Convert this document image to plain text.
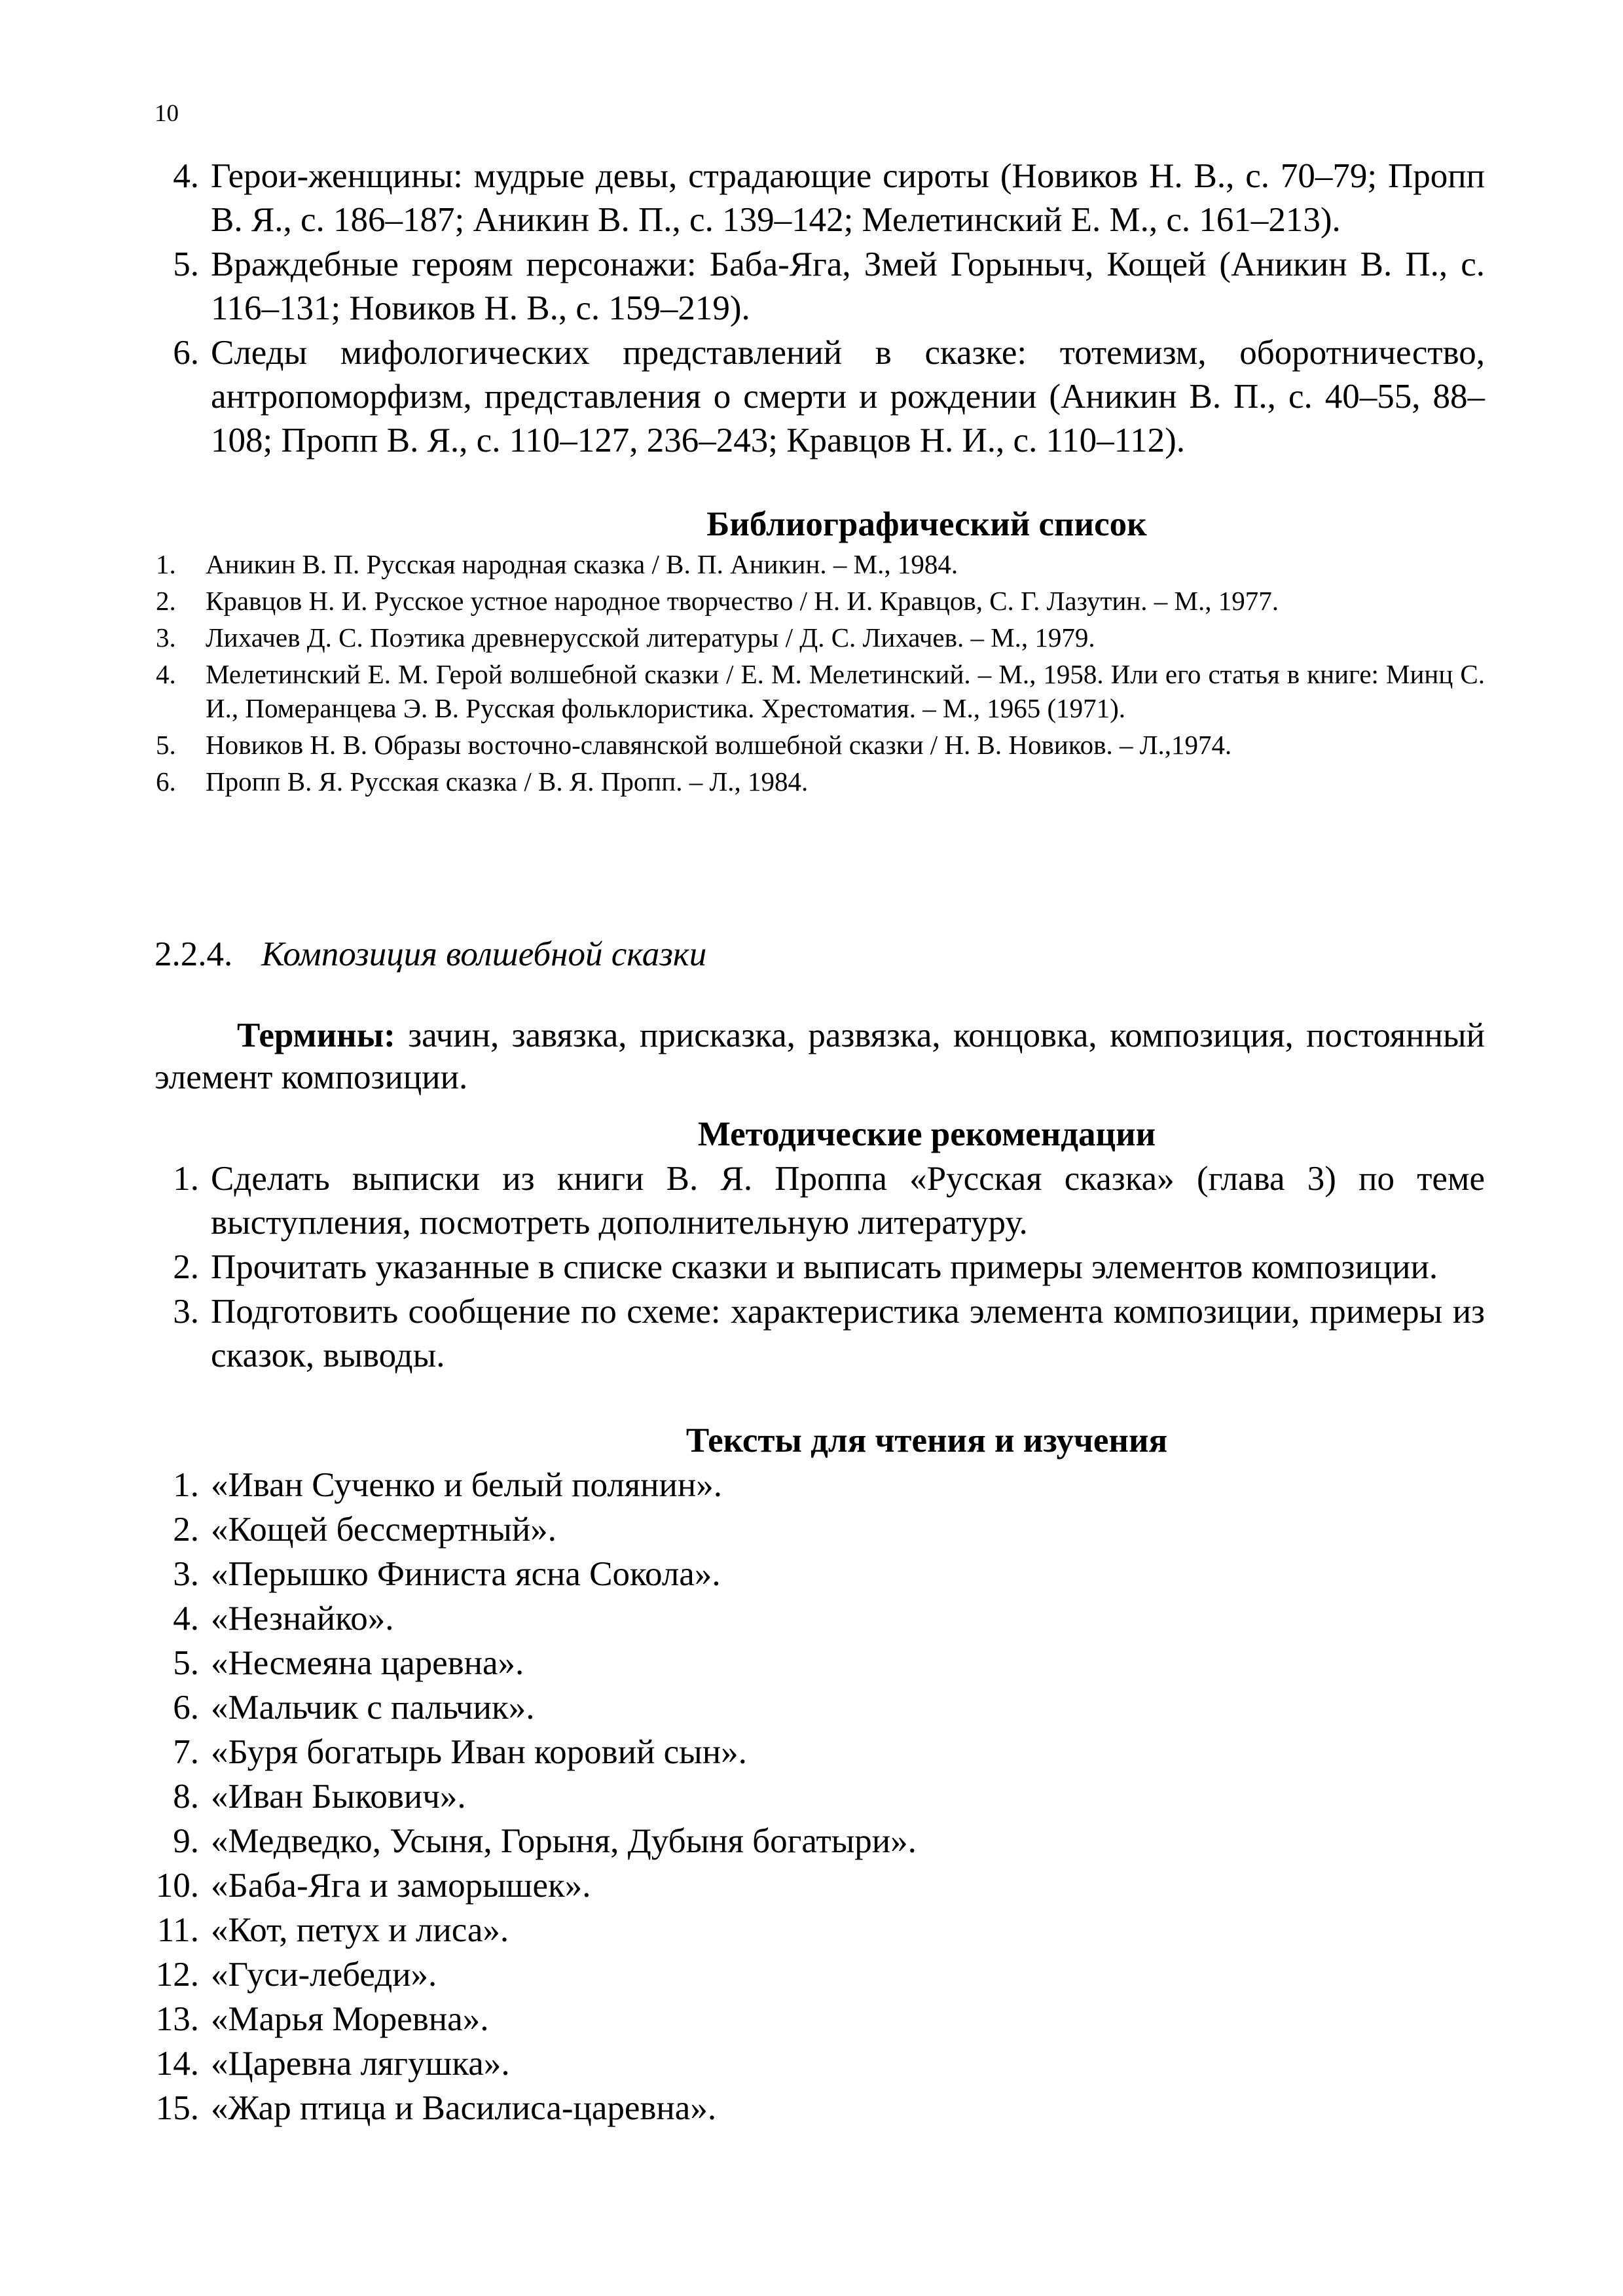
10
4. Герои-женщины: мудрые девы, страдающие сироты (Новиков Н. В., с. 70–79; Пропп В. Я., с. 186–187; Аникин В. П., с. 139–142; Мелетинский Е. М., с. 161–213).
5. Враждебные героям персонажи: Баба-Яга, Змей Горыныч, Кощей (Аникин В. П., с. 116–131; Новиков Н. В., с. 159–219).
6. Следы мифологических представлений в сказке: тотемизм, оборотничество, антропоморфизм, представления о смерти и рождении (Аникин В. П., с. 40–55, 88–108; Пропп В. Я., с. 110–127, 236–243; Кравцов Н. И., с. 110–112).
Библиографический список
1.	Аникин В. П. Русская народная сказка / В. П. Аникин. – М., 1984.
2.	Кравцов Н. И. Русское устное народное творчество / Н. И. Кравцов, С. Г. Лазутин. – М., 1977.
3.	Лихачев Д. С. Поэтика древнерусской литературы / Д. С. Лихачев. – М., 1979.
4.	Мелетинский Е. М. Герой волшебной сказки / Е. М. Мелетинский. – М., 1958. Или его статья в книге: Минц С. И., Померанцева Э. В. Русская фольклористика. Хрестоматия. – М., 1965 (1971).
5.	Новиков Н. В. Образы восточно-славянской волшебной сказки / Н. В. Новиков. – Л.,1974.
6.	Пропп В. Я. Русская сказка / В. Я. Пропп. – Л., 1984.
2.2.4. Композиция волшебной сказки
Термины: зачин, завязка, присказка, развязка, концовка, композиция, постоянный элемент композиции.
Методические рекомендации
1. Сделать выписки из книги В. Я. Проппа «Русская сказка» (глава 3) по теме выступления, посмотреть дополнительную литературу.
2. Прочитать указанные в списке сказки и выписать примеры элементов композиции.
3. Подготовить сообщение по схеме: характеристика элемента композиции, примеры из сказок, выводы.
Тексты для чтения и изучения
1. «Иван Сученко и белый полянин».
2. «Кощей бессмертный».
3. «Перышко Финиста ясна Сокола».
4. «Незнайко».
5. «Несмеяна царевна».
6. «Мальчик с пальчик».
7. «Буря богатырь Иван коровий сын».
8. «Иван Быкович».
9. «Медведко, Усыня, Горыня, Дубыня богатыри».
10. «Баба-Яга и заморышек».
11. «Кот, петух и лиса».
12. «Гуси-лебеди».
13. «Марья Моревна».
14. «Царевна лягушка».
15. «Жар птица и Василиса-царевна».
